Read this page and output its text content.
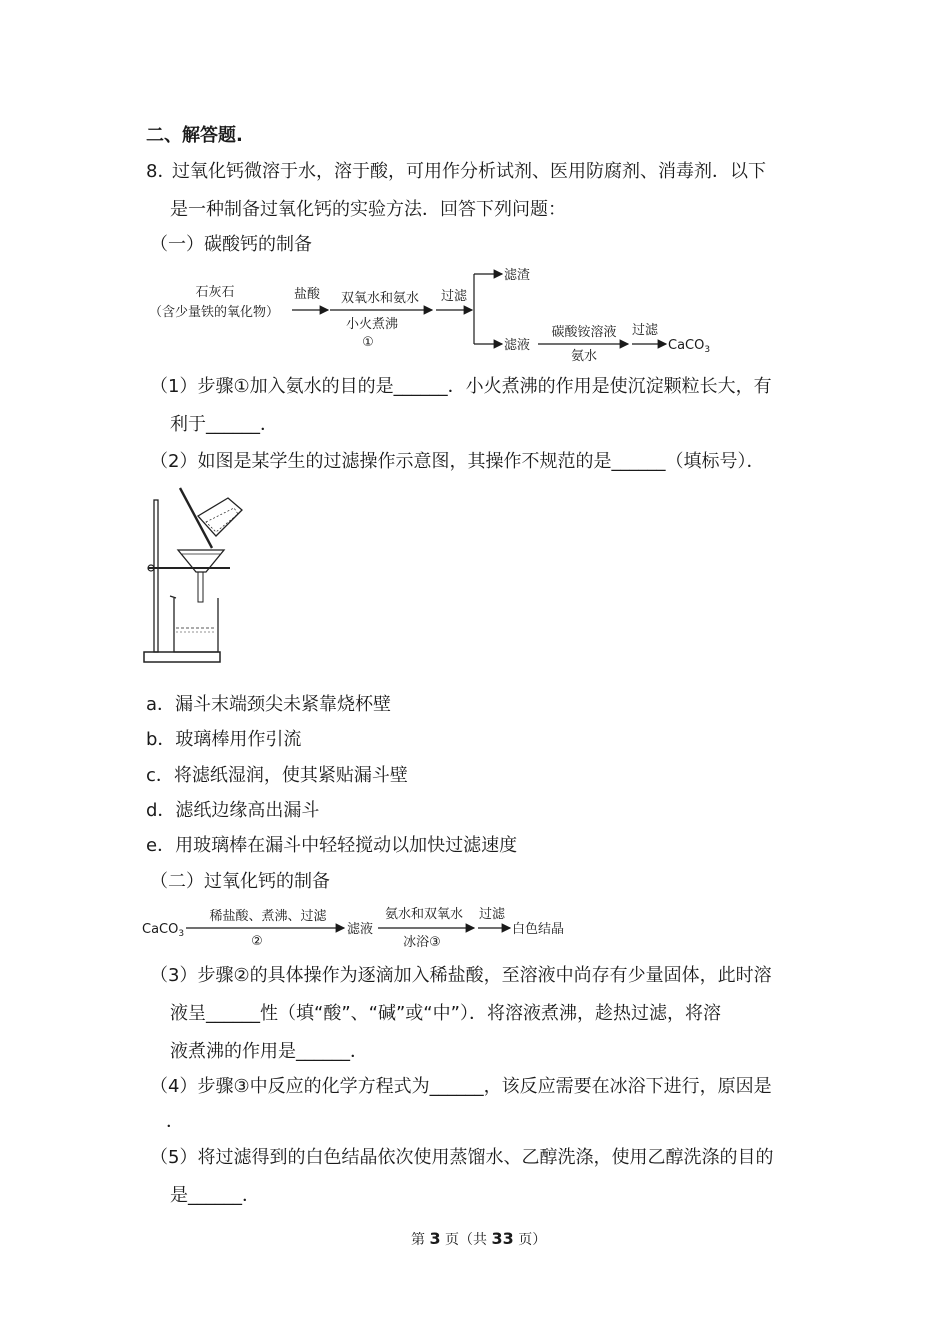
二、解答题.
8．
过氧化钙微溶于水，溶于酸，可用作分析试剂、医用防腐剂、消毒剂．以下
是一种制备过氧化钙的实验方法．回答下列问题：
（一）碳酸钙的制备
石灰石
（含少量铁的氧化物）
盐酸 双氧水和氨水
小火煮沸
①
过滤
滤渣
滤液
碳酸铵溶液
氨水
过滤
CaCO$_3$
（1）步骤①加入氨水的目的是______．小火煮沸的作用是使沉淀颗粒长大，有
利于______．
（2）如图是某学生的过滤操作示意图，其操作不规范的是______（填标号）．
a．漏斗末端颈尖未紧靠烧杯壁
b．玻璃棒用作引流
c．将滤纸湿润，使其紧贴漏斗壁
d．滤纸边缘高出漏斗
e．用玻璃棒在漏斗中轻轻搅动以加快过滤速度
（二）过氧化钙的制备
CaCO$_3$
稀盐酸、煮沸、过滤
②
滤液
氨水和双氧水
冰浴③
过滤
白色结晶
（3）步骤②的具体操作为逐滴加入稀盐酸，至溶液中尚存有少量固体，此时溶
液呈______性（填“酸”、“碱”或“中”）．将溶液煮沸，趁热过滤，将溶
液煮沸的作用是______．
（4）步骤③中反应的化学方程式为______，该反应需要在冰浴下进行，原因是
．
（5）将过滤得到的白色结晶依次使用蒸馏水、乙醇洗涤，使用乙醇洗涤的目的
是______．
第 3 页（共 33 页）
